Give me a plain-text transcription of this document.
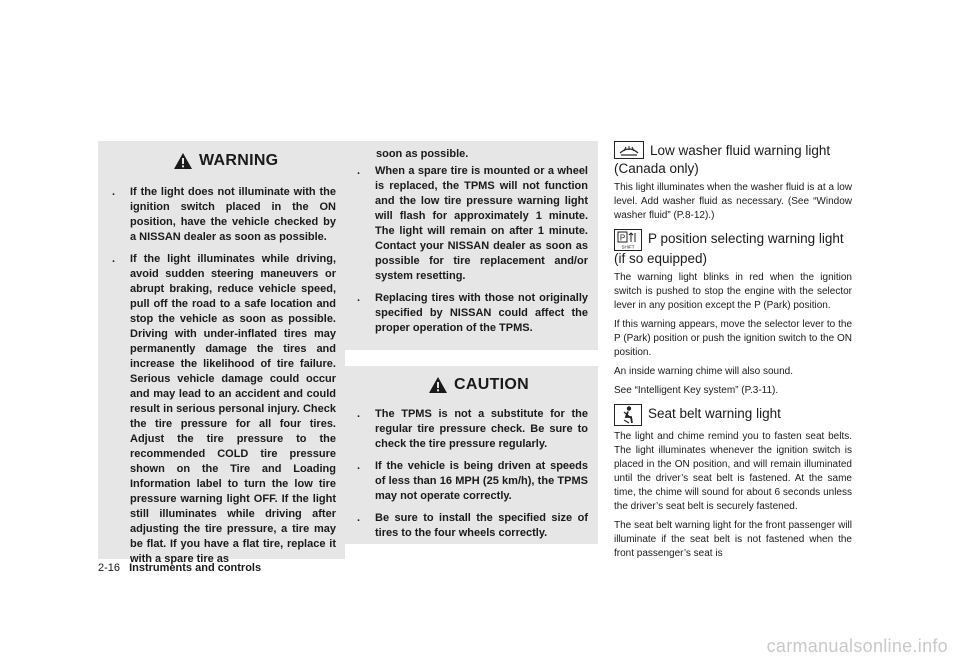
WARNING
. If the light does not illuminate with the ignition switch placed in the ON position, have the vehicle checked by a NISSAN dealer as soon as possible.
. If the light illuminates while driving, avoid sudden steering maneuvers or abrupt braking, reduce vehicle speed, pull off the road to a safe location and stop the vehicle as soon as possible. Driving with under-inflated tires may permanently damage the tires and increase the likelihood of tire failure. Serious vehicle damage could occur and may lead to an accident and could result in serious personal injury. Check the tire pressure for all four tires. Adjust the tire pressure to the recommended COLD tire pressure shown on the Tire and Loading Information label to turn the low tire pressure warning light OFF. If the light still illuminates while driving after adjusting the tire pressure, a tire may be flat. If you have a flat tire, replace it with a spare tire as
soon as possible.
. When a spare tire is mounted or a wheel is replaced, the TPMS will not function and the low tire pressure warning light will flash for approximately 1 minute. The light will remain on after 1 minute. Contact your NISSAN dealer as soon as possible for tire replacement and/or system resetting.
. Replacing tires with those not originally specified by NISSAN could affect the proper operation of the TPMS.
CAUTION
. The TPMS is not a substitute for the regular tire pressure check. Be sure to check the tire pressure regularly.
. If the vehicle is being driven at speeds of less than 16 MPH (25 km/h), the TPMS may not operate correctly.
. Be sure to install the specified size of tires to the four wheels correctly.
Low washer fluid warning light
(Canada only)

This light illuminates when the washer fluid is at a low level. Add washer fluid as necessary. (See “Window washer fluid” (P.8-12).)

P
SHIFT
P position selecting warning light
(if so equipped)

The warning light blinks in red when the ignition switch is pushed to stop the engine with the selector lever in any position except the P (Park) position.

If this warning appears, move the selector lever to the P (Park) position or push the ignition switch to the ON position.

An inside warning chime will also sound.

See “Intelligent Key system” (P.3-11).

Seat belt warning light

The light and chime remind you to fasten seat belts. The light illuminates whenever the ignition switch is placed in the ON position, and will remain illuminated until the driver’s seat belt is fastened. At the same time, the chime will sound for about 6 seconds unless the driver’s seat belt is securely fastened.

The seat belt warning light for the front passenger will illuminate if the seat belt is not fastened when the front passenger’s seat is

2-16 Instruments and controls
carmanualsonline.info
